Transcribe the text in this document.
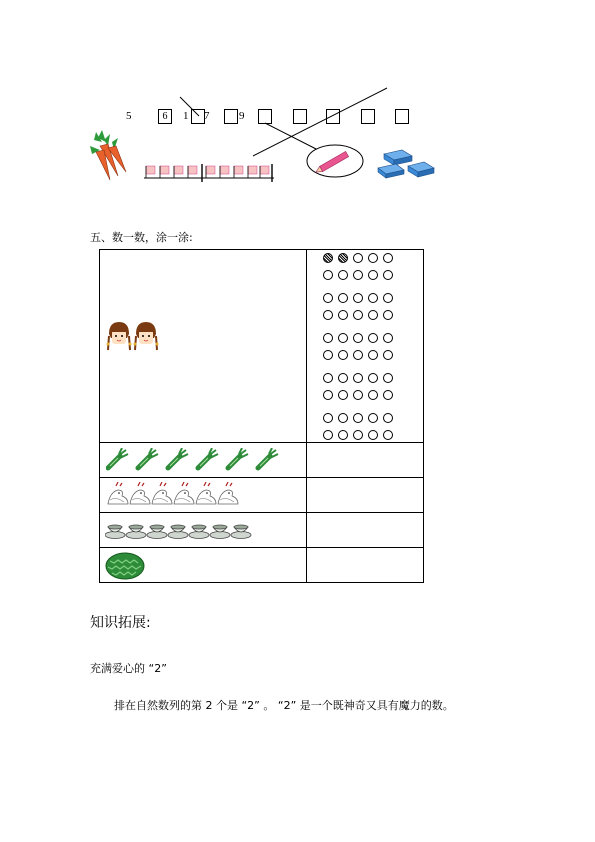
5	6	1 7	9
五、数一数，涂一涂:

知识拓展:
充满爱心的 “2”
排在自然数列的第 2 个是 “2” 。 “2” 是一个既神奇又具有魔力的数。
